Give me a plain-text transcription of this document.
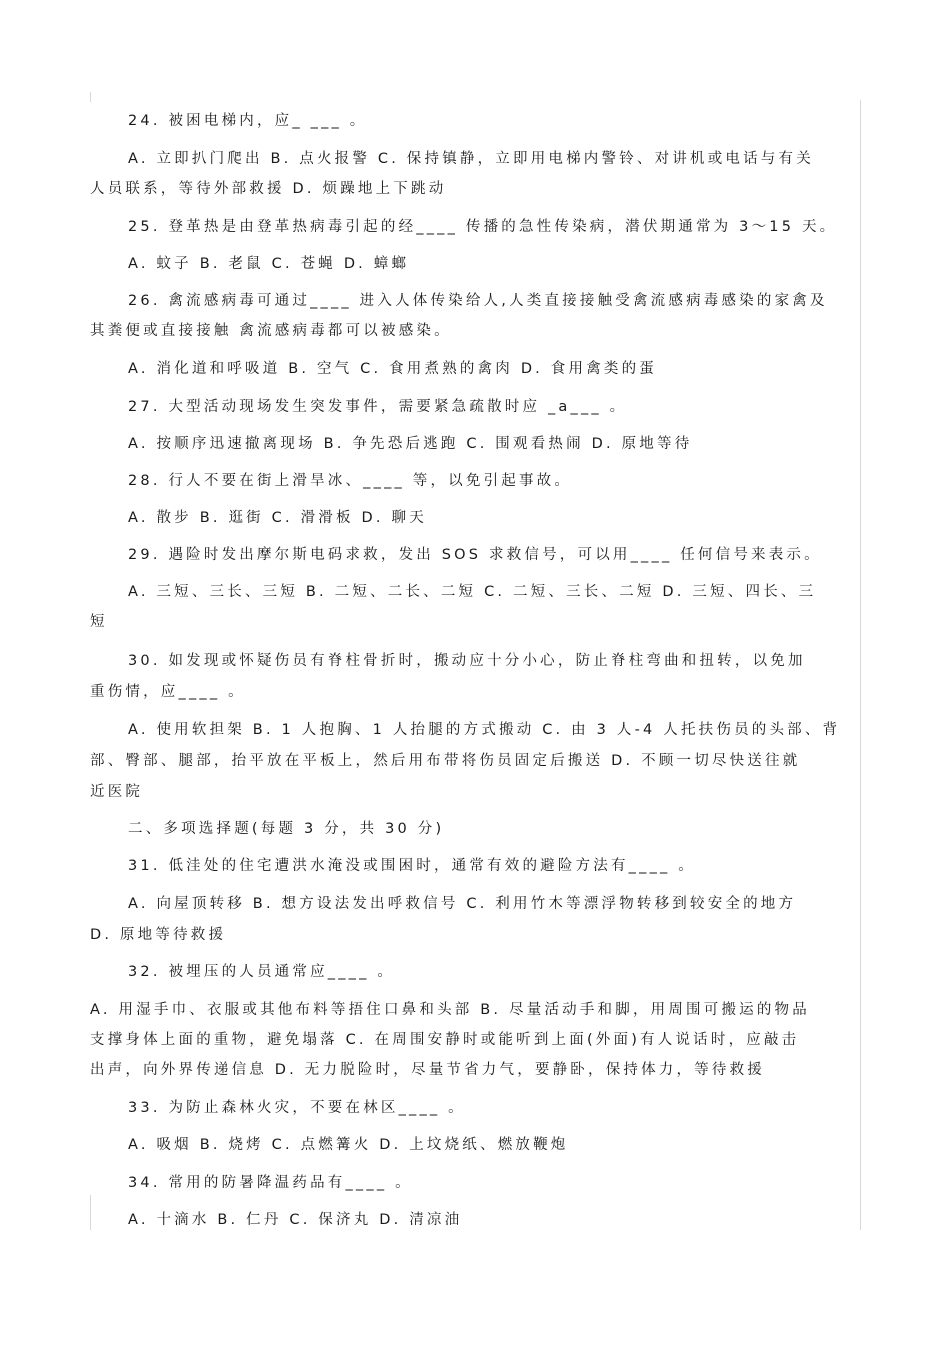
24. 被困电梯内，应_ ___ 。
A. 立即扒门爬出 B. 点火报警 C. 保持镇静，立即用电梯内警铃、对讲机或电话与有关
人员联系，等待外部救援 D. 烦躁地上下跳动
25. 登革热是由登革热病毒引起的经____ 传播的急性传染病，潜伏期通常为 3～15 天。
A. 蚊子 B. 老鼠 C. 苍蝇 D. 蟑螂
26. 禽流感病毒可通过____ 进入人体传染给人,人类直接接触受禽流感病毒感染的家禽及
其粪便或直接接触 禽流感病毒都可以被感染。
A. 消化道和呼吸道 B. 空气 C. 食用煮熟的禽肉 D. 食用禽类的蛋
27. 大型活动现场发生突发事件，需要紧急疏散时应 _a___ 。
A. 按顺序迅速撤离现场 B. 争先恐后逃跑 C. 围观看热闹 D. 原地等待
28. 行人不要在街上滑旱冰、____ 等，以免引起事故。
A. 散步 B. 逛街 C. 滑滑板 D. 聊天
29. 遇险时发出摩尔斯电码求救，发出 SOS 求救信号，可以用____ 任何信号来表示。
A. 三短、三长、三短 B. 二短、二长、二短 C. 二短、三长、二短 D. 三短、四长、三
短
30. 如发现或怀疑伤员有脊柱骨折时，搬动应十分小心，防止脊柱弯曲和扭转，以免加
重伤情，应____ 。
A. 使用软担架 B. 1 人抱胸、1 人抬腿的方式搬动 C. 由 3 人-4 人托扶伤员的头部、背
部、臀部、腿部，抬平放在平板上，然后用布带将伤员固定后搬送 D. 不顾一切尽快送往就
近医院
二、多项选择题(每题 3 分，共 30 分)
31. 低洼处的住宅遭洪水淹没或围困时，通常有效的避险方法有____ 。
A. 向屋顶转移 B. 想方设法发出呼救信号 C. 利用竹木等漂浮物转移到较安全的地方
D. 原地等待救援
32. 被埋压的人员通常应____ 。
A. 用湿手巾、衣服或其他布料等捂住口鼻和头部 B. 尽量活动手和脚，用周围可搬运的物品
支撑身体上面的重物，避免塌落 C. 在周围安静时或能听到上面(外面)有人说话时，应敲击
出声，向外界传递信息 D. 无力脱险时，尽量节省力气，要静卧，保持体力，等待救援
33. 为防止森林火灾，不要在林区____ 。
A. 吸烟 B. 烧烤 C. 点燃篝火 D. 上坟烧纸、燃放鞭炮
34. 常用的防暑降温药品有____ 。
A. 十滴水 B. 仁丹 C. 保济丸 D. 清凉油
